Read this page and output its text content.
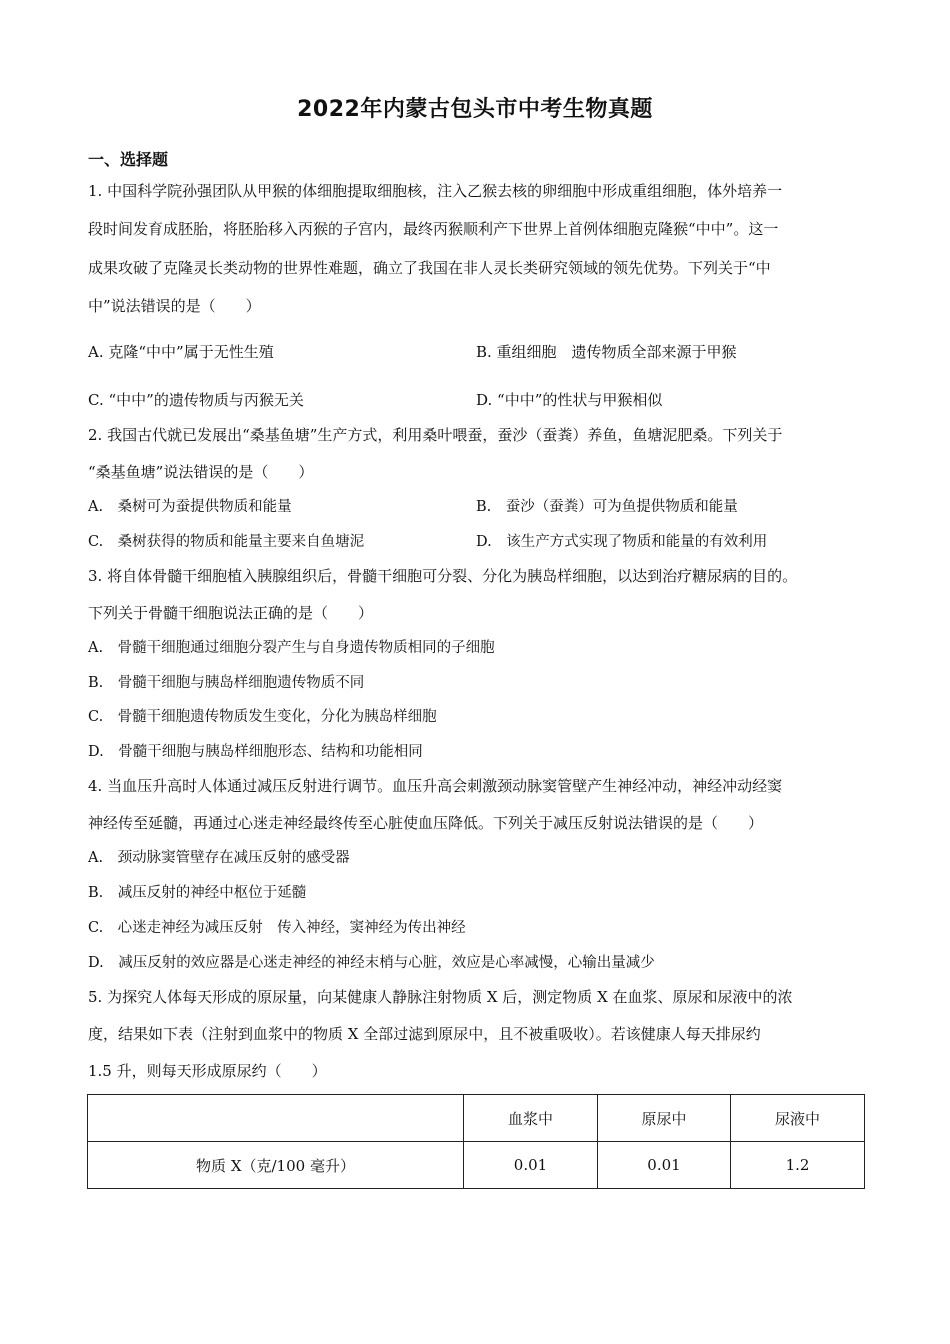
2022年内蒙古包头市中考生物真题
一、选择题
1. 中国科学院孙强团队从甲猴的体细胞提取细胞核，注入乙猴去核的卵细胞中形成重组细胞，体外培养一
段时间发育成胚胎，将胚胎移入丙猴的子宫内，最终丙猴顺利产下世界上首例体细胞克隆猴“中中”。这一
成果攻破了克隆灵长类动物的世界性难题，确立了我国在非人灵长类研究领域的领先优势。下列关于“中
中”说法错误的是（　　）
A. 克隆“中中”属于无性生殖	B. 重组细胞　遗传物质全部来源于甲猴
C. “中中”的遗传物质与丙猴无关	D. “中中”的性状与甲猴相似
2. 我国古代就已发展出“桑基鱼塘”生产方式，利用桑叶喂蚕，蚕沙（蚕粪）养鱼，鱼塘泥肥桑。下列关于
“桑基鱼塘”说法错误的是（　　）
A.　桑树可为蚕提供物质和能量	B.　蚕沙（蚕粪）可为鱼提供物质和能量
C.　桑树获得的物质和能量主要来自鱼塘泥	D.　该生产方式实现了物质和能量的有效利用
3. 将自体骨髓干细胞植入胰腺组织后，骨髓干细胞可分裂、分化为胰岛样细胞，以达到治疗糖尿病的目的。
下列关于骨髓干细胞说法正确的是（　　）
A.　骨髓干细胞通过细胞分裂产生与自身遗传物质相同的子细胞
B.　骨髓干细胞与胰岛样细胞遗传物质不同
C.　骨髓干细胞遗传物质发生变化，分化为胰岛样细胞
D.　骨髓干细胞与胰岛样细胞形态、结构和功能相同
4. 当血压升高时人体通过减压反射进行调节。血压升高会刺激颈动脉窦管壁产生神经冲动，神经冲动经窦
神经传至延髓，再通过心迷走神经最终传至心脏使血压降低。下列关于减压反射说法错误的是（　　）
A.　颈动脉窦管壁存在减压反射的感受器
B.　减压反射的神经中枢位于延髓
C.　心迷走神经为减压反射　传入神经，窦神经为传出神经
D.　减压反射的效应器是心迷走神经的神经末梢与心脏，效应是心率减慢，心输出量减少
5. 为探究人体每天形成的原尿量，向某健康人静脉注射物质 X 后，测定物质 X 在血浆、原尿和尿液中的浓
度，结果如下表（注射到血浆中的物质 X 全部过滤到原尿中，且不被重吸收）。若该健康人每天排尿约
1.5 升，则每天形成原尿约（　　）
	血浆中	原尿中	尿液中
物质 X（克/100 毫升）	0.01	0.01	1.2
